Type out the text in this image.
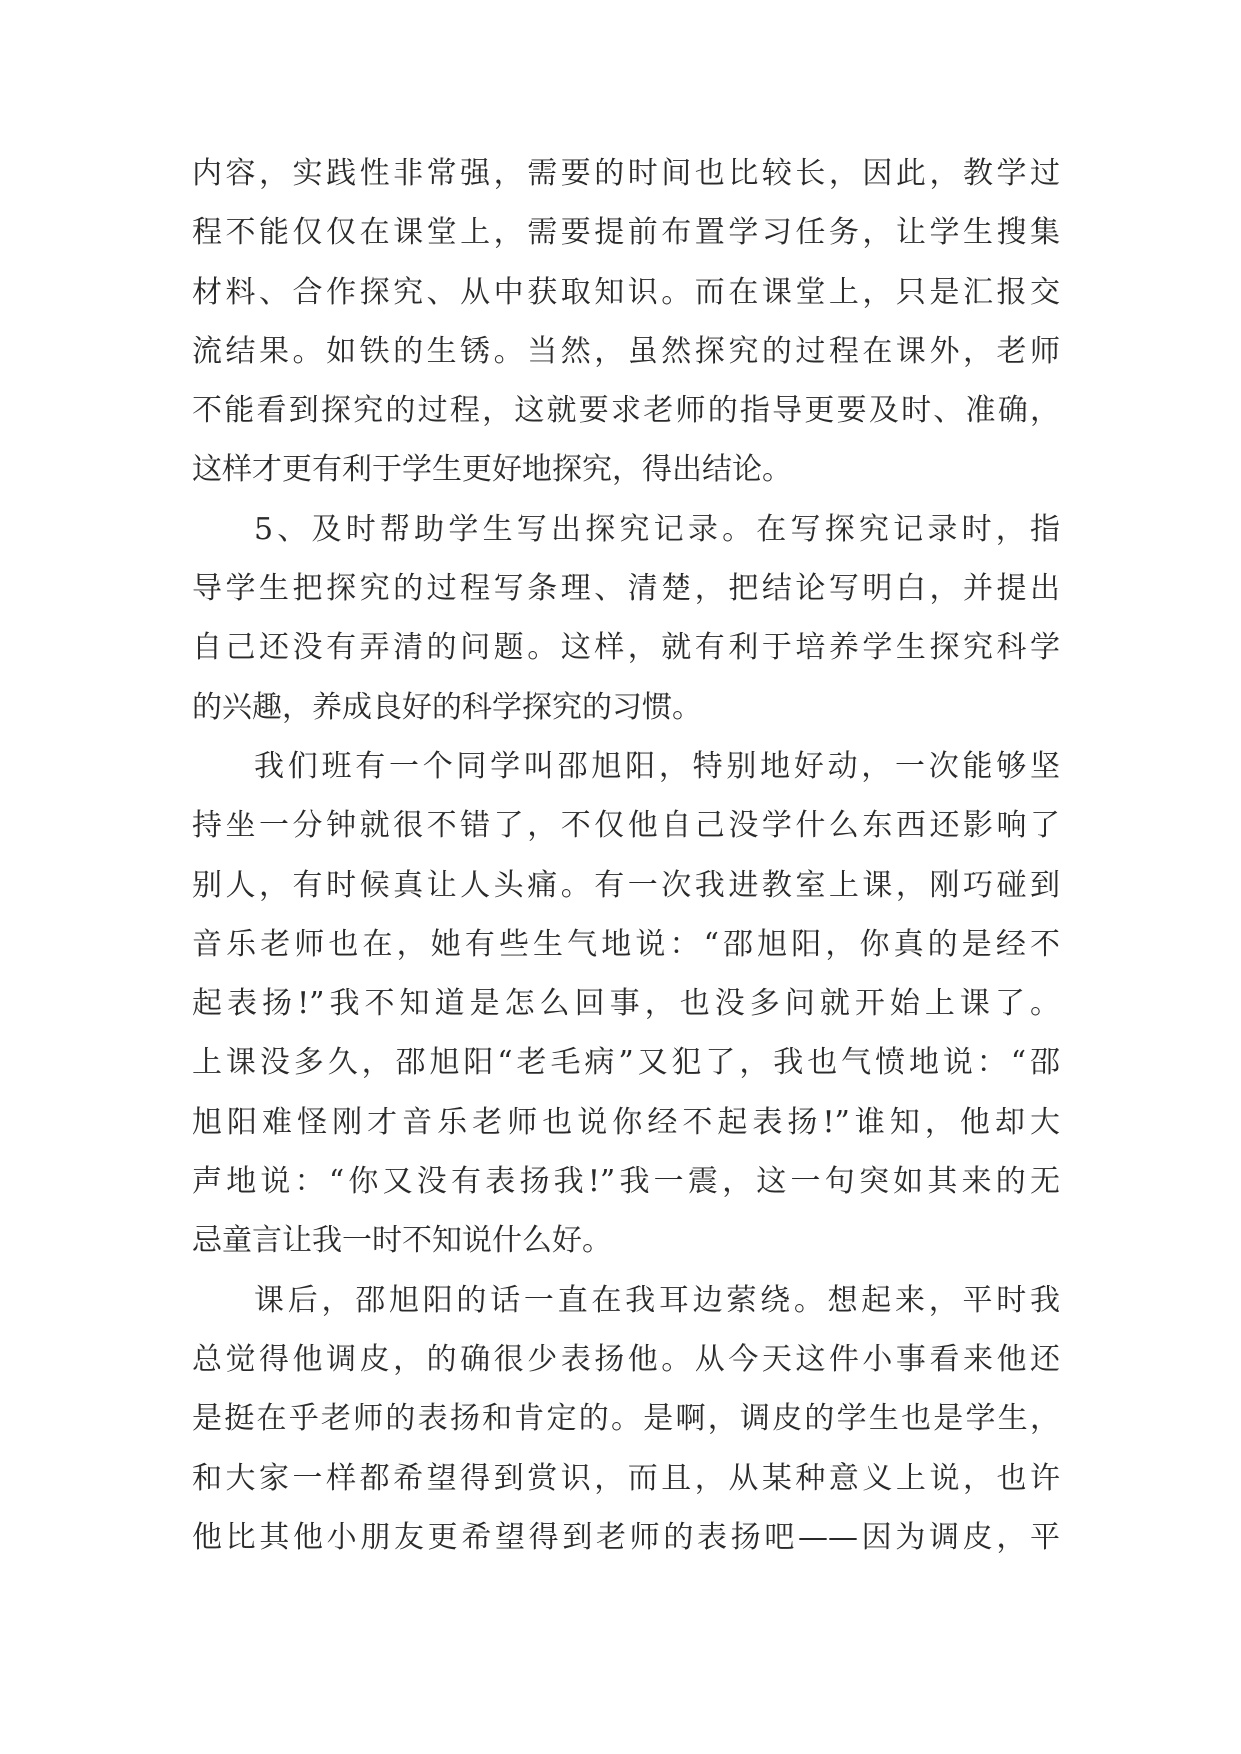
内容，实践性非常强，需要的时间也比较长，因此，教学过
程不能仅仅在课堂上，需要提前布置学习任务，让学生搜集
材料、合作探究、从中获取知识。而在课堂上，只是汇报交
流结果。如铁的生锈。当然，虽然探究的过程在课外，老师
不能看到探究的过程，这就要求老师的指导更要及时、准确，
这样才更有利于学生更好地探究，得出结论。
5、及时帮助学生写出探究记录。在写探究记录时，指
导学生把探究的过程写条理、清楚，把结论写明白，并提出
自己还没有弄清的问题。这样，就有利于培养学生探究科学
的兴趣，养成良好的科学探究的习惯。
我们班有一个同学叫邵旭阳，特别地好动，一次能够坚
持坐一分钟就很不错了，不仅他自己没学什么东西还影响了
别人，有时候真让人头痛。有一次我进教室上课，刚巧碰到
音乐老师也在，她有些生气地说：“邵旭阳，你真的是经不
起表扬!”我不知道是怎么回事，也没多问就开始上课了。
上课没多久，邵旭阳“老毛病”又犯了，我也气愤地说：“邵
旭阳难怪刚才音乐老师也说你经不起表扬!”谁知，他却大
声地说：“你又没有表扬我!”我一震，这一句突如其来的无
忌童言让我一时不知说什么好。
课后，邵旭阳的话一直在我耳边萦绕。想起来，平时我
总觉得他调皮，的确很少表扬他。从今天这件小事看来他还
是挺在乎老师的表扬和肯定的。是啊，调皮的学生也是学生，
和大家一样都希望得到赏识，而且，从某种意义上说，也许
他比其他小朋友更希望得到老师的表扬吧——因为调皮，平
